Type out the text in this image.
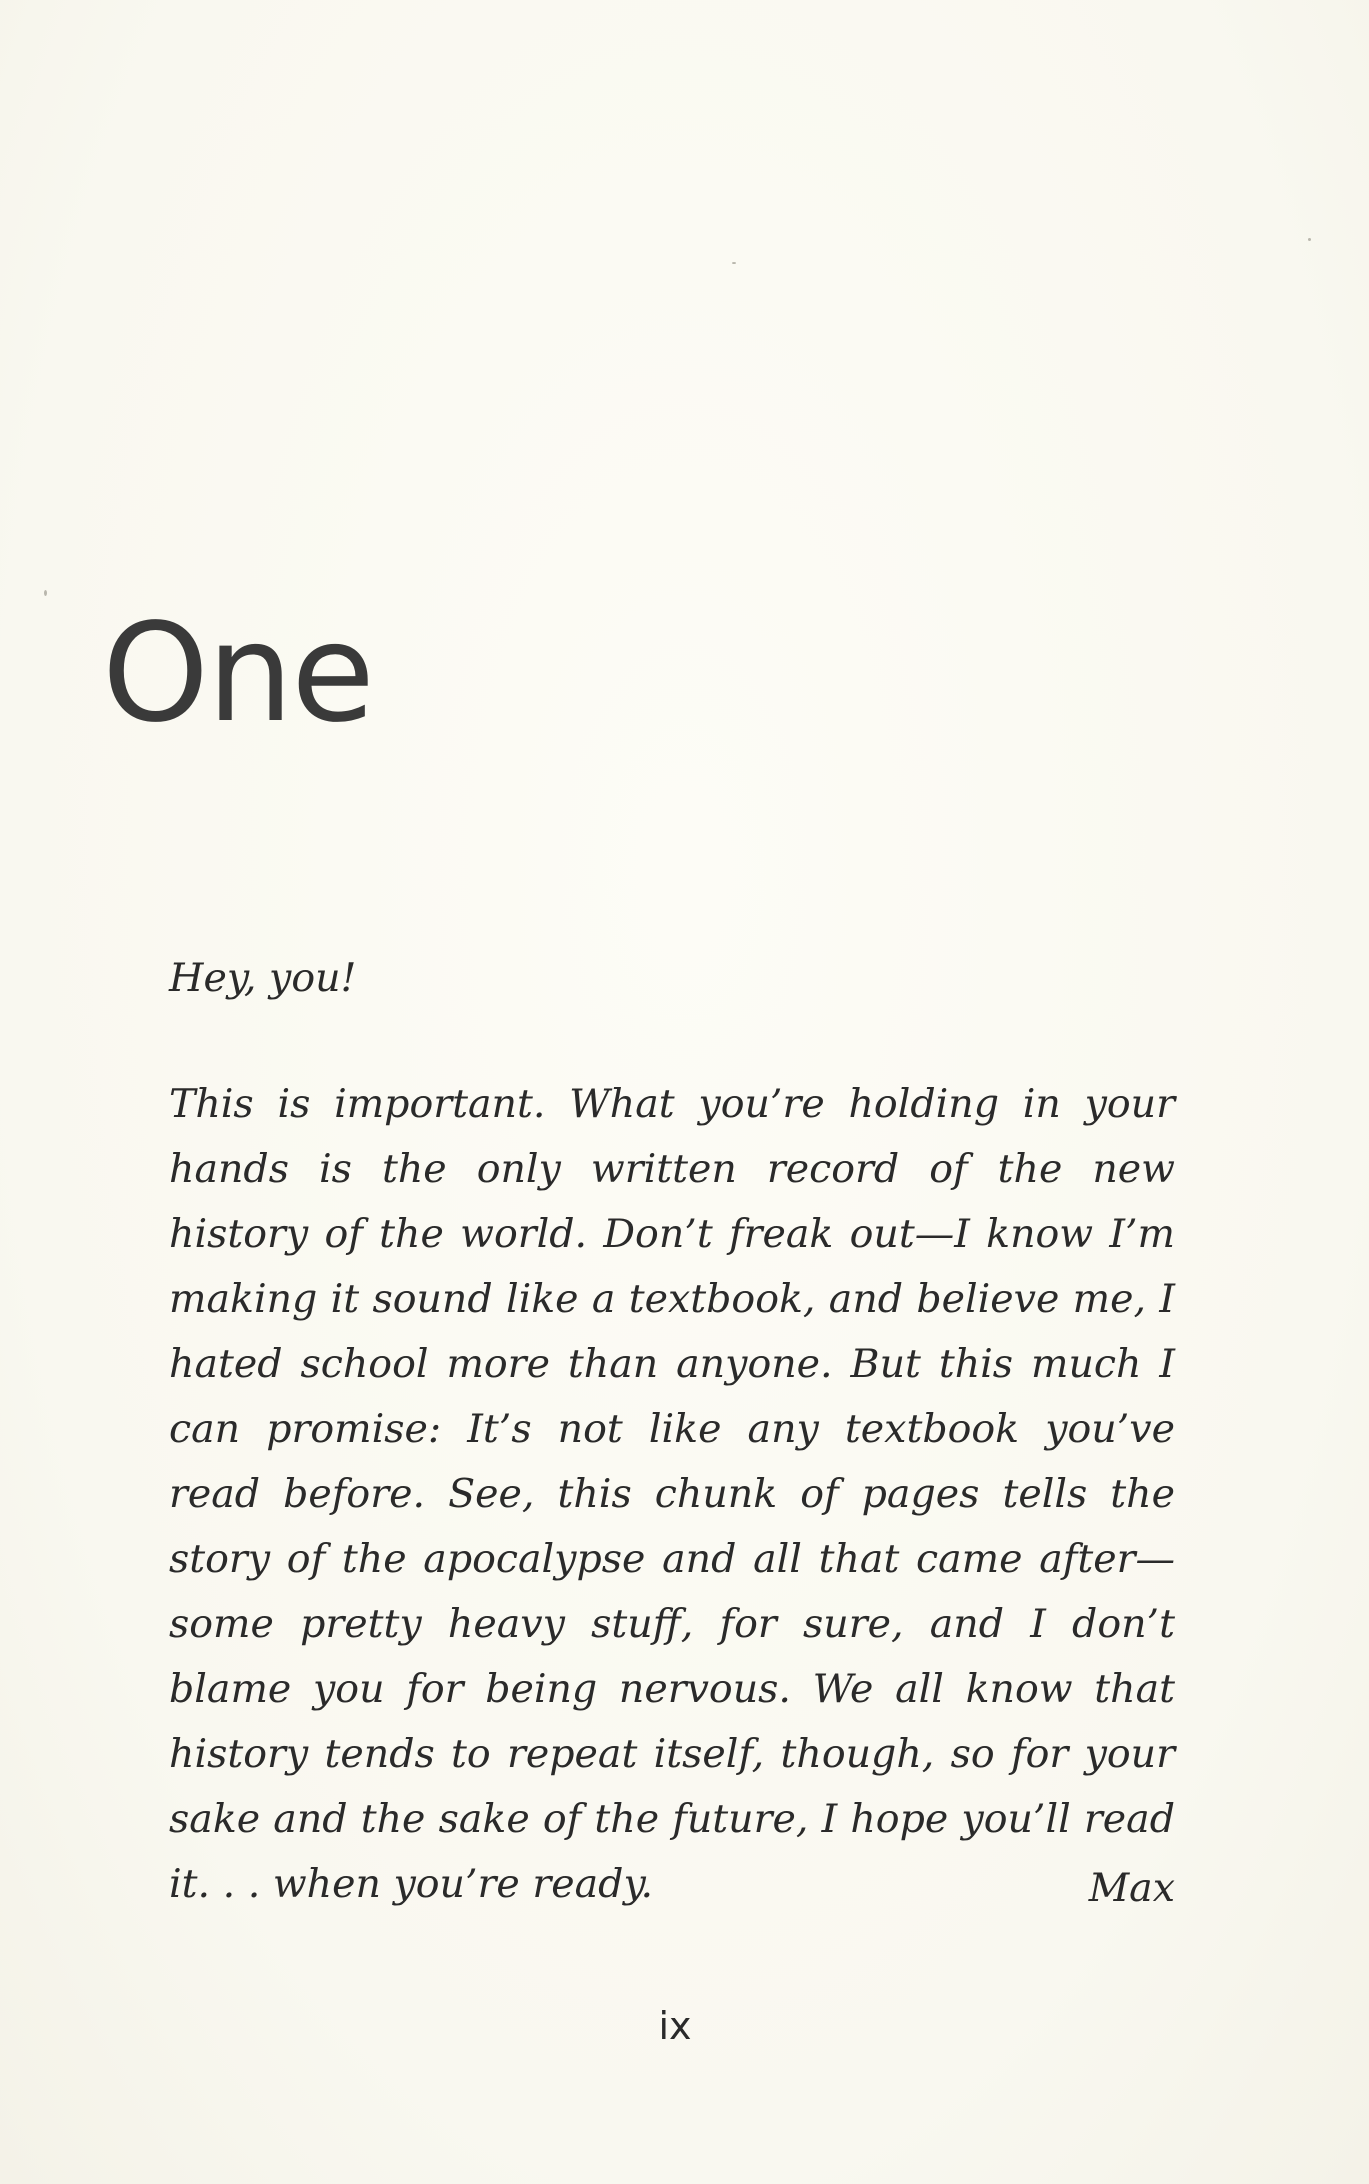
One

Hey, you!

This is important. What you’re holding in your hands is the only written record of the new history of the world. Don’t freak out—I know I’m making it sound like a textbook, and believe me, I hated school more than anyone. But this much I can promise: It’s not like any textbook you’ve read before. See, this chunk of pages tells the story of the apocalypse and all that came after—some pretty heavy stuff, for sure, and I don’t blame you for being nervous. We all know that history tends to repeat itself, though, so for your sake and the sake of the future, I hope you’ll read it. . . when you’re ready.	Max
ix
